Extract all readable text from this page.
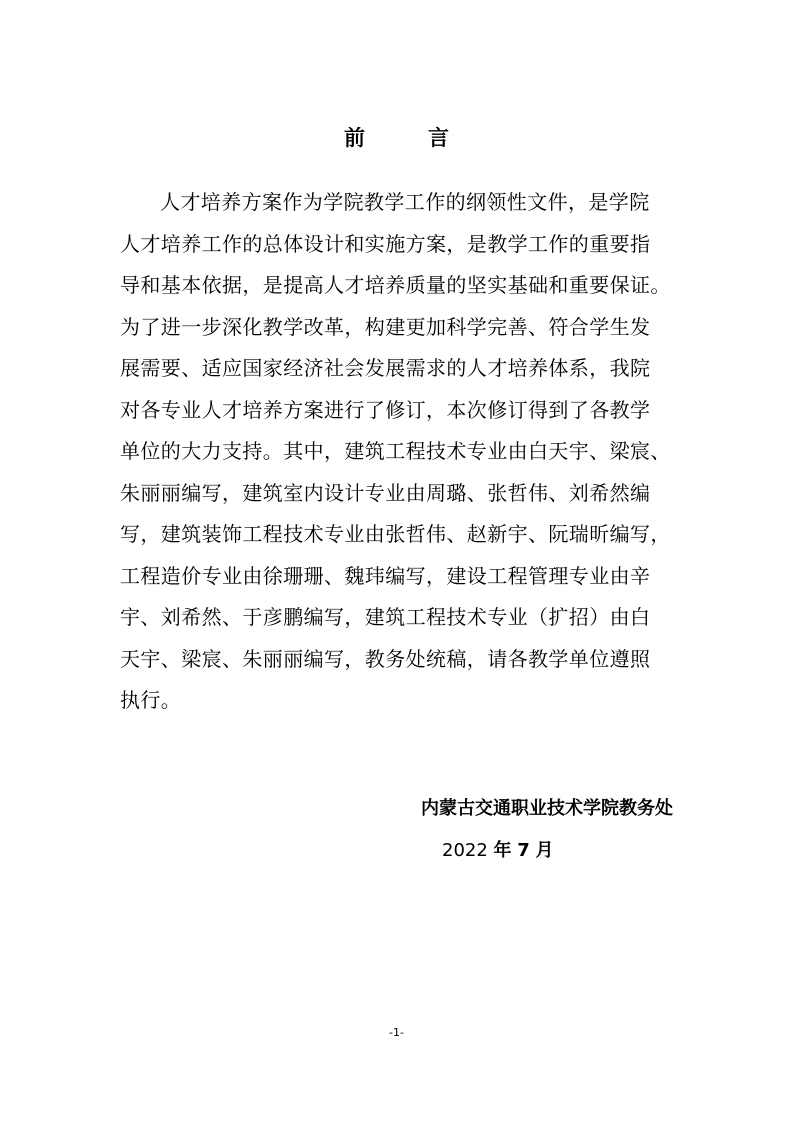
前	言
人才培养方案作为学院教学工作的纲领性文件，是学院
人才培养工作的总体设计和实施方案，是教学工作的重要指
导和基本依据，是提高人才培养质量的坚实基础和重要保证。
为了进一步深化教学改革，构建更加科学完善、符合学生发
展需要、适应国家经济社会发展需求的人才培养体系，我院
对各专业人才培养方案进行了修订，本次修订得到了各教学
单位的大力支持。其中，建筑工程技术专业由白天宇、梁宸、
朱丽丽编写，建筑室内设计专业由周璐、张哲伟、刘希然编
写，建筑装饰工程技术专业由张哲伟、赵新宇、阮瑞昕编写，
工程造价专业由徐珊珊、魏玮编写，建设工程管理专业由辛
宇、刘希然、于彦鹏编写，建筑工程技术专业（扩招）由白
天宇、梁宸、朱丽丽编写，教务处统稿，请各教学单位遵照
执行。
内蒙古交通职业技术学院教务处
2022 年 7 月
-1-
